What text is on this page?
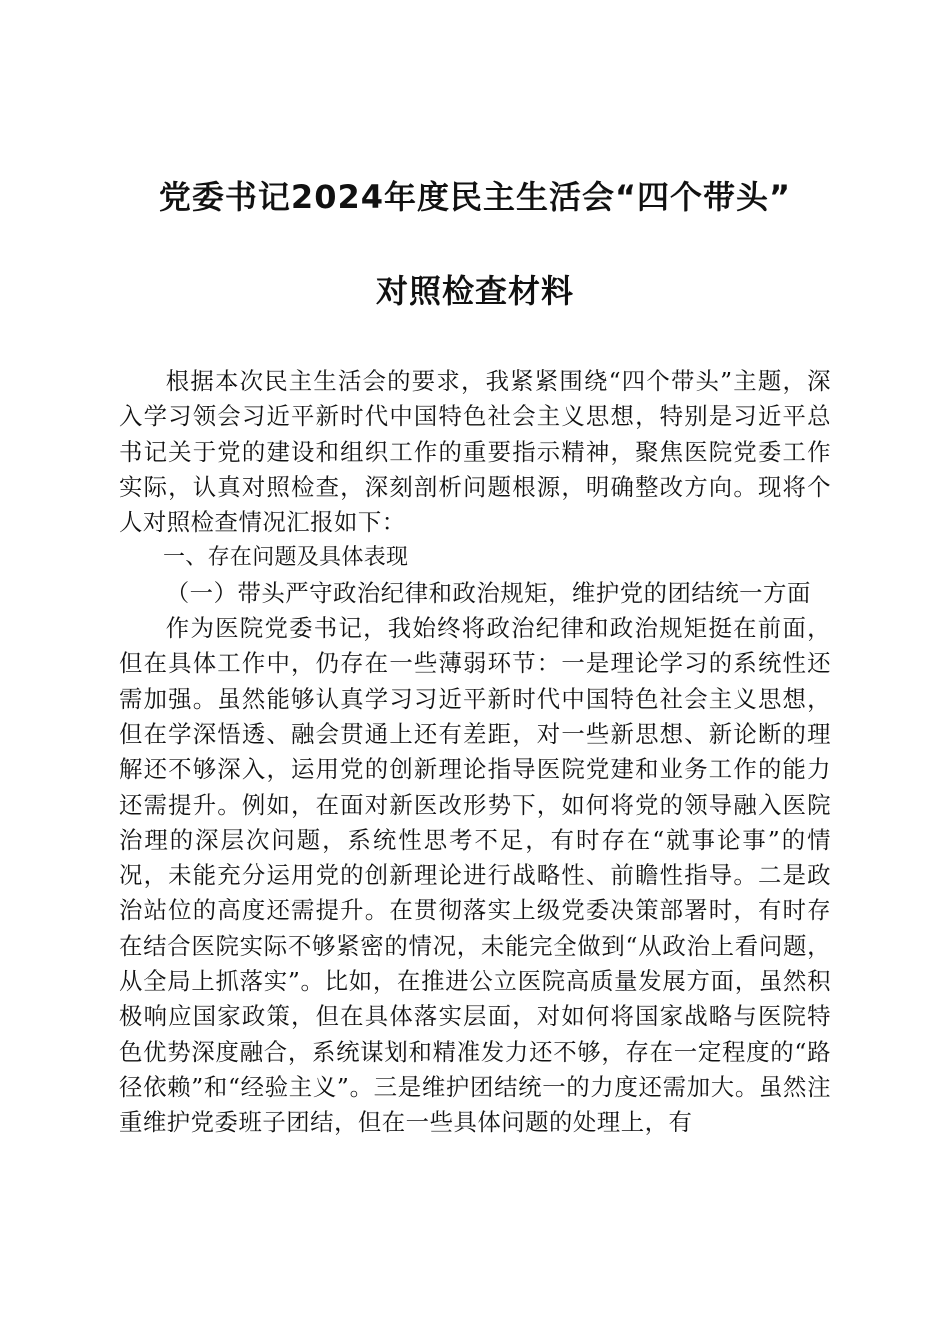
党委书记2024年度民主生活会“四个带头”
对照检查材料

根据本次民主生活会的要求，我紧紧围绕“四个带头”主题，深入学习领会习近平新时代中国特色社会主义思想，特别是习近平总书记关于党的建设和组织工作的重要指示精神，聚焦医院党委工作实际，认真对照检查，深刻剖析问题根源，明确整改方向。现将个人对照检查情况汇报如下：

一、存在问题及具体表现

（一）带头严守政治纪律和政治规矩，维护党的团结统一方面

作为医院党委书记，我始终将政治纪律和政治规矩挺在前面，但在具体工作中，仍存在一些薄弱环节：一是理论学习的系统性还需加强。虽然能够认真学习习近平新时代中国特色社会主义思想，但在学深悟透、融会贯通上还有差距，对一些新思想、新论断的理解还不够深入，运用党的创新理论指导医院党建和业务工作的能力还需提升。例如，在面对新医改形势下，如何将党的领导融入医院治理的深层次问题，系统性思考不足，有时存在“就事论事”的情况，未能充分运用党的创新理论进行战略性、前瞻性指导。二是政治站位的高度还需提升。在贯彻落实上级党委决策部署时，有时存在结合医院实际不够紧密的情况，未能完全做到“从政治上看问题，从全局上抓落实”。比如，在推进公立医院高质量发展方面，虽然积极响应国家政策，但在具体落实层面，对如何将国家战略与医院特色优势深度融合，系统谋划和精准发力还不够，存在一定程度的“路径依赖”和“经验主义”。三是维护团结统一的力度还需加大。虽然注重维护党委班子团结，但在一些具体问题的处理上，有
